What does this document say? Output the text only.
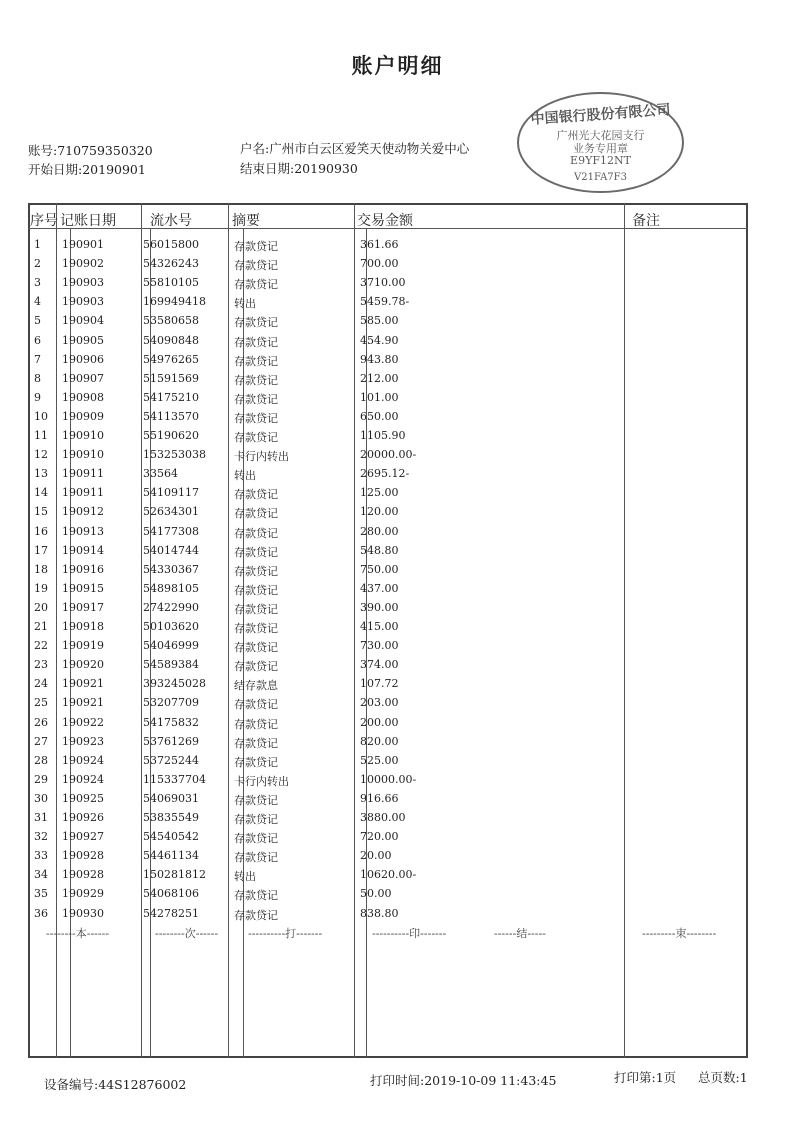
账户明细
账号:710759350320
开始日期:20190901
户名:广州市白云区爱笑天使动物关爱中心
结束日期:20190930
中国银行股份有限公司
广州光大花园支行
业务专用章
E9YF12NT
V21FA7F3
序号 记账日期 流水号	摘要	交易金额	备注
1	190901	56015800	存款贷记	361.66
2	190902	54326243	存款贷记	700.00
3	190903	55810105	存款贷记	3710.00
4	190903	169949418	转出	5459.78-
5	190904	53580658	存款贷记	585.00
6	190905	54090848	存款贷记	454.90
7	190906	54976265	存款贷记	943.80
8	190907	51591569	存款贷记	212.00
9	190908	54175210	存款贷记	101.00
10	190909	54113570	存款贷记	650.00
11	190910	55190620	存款贷记	1105.90
12	190910	153253038	卡行内转出	20000.00-
13	190911	33564	转出	2695.12-
14	190911	54109117	存款贷记	125.00
15	190912	52634301	存款贷记	120.00
16	190913	54177308	存款贷记	280.00
17	190914	54014744	存款贷记	548.80
18	190916	54330367	存款贷记	750.00
19	190915	54898105	存款贷记	437.00
20	190917	27422990	存款贷记	390.00
21	190918	50103620	存款贷记	415.00
22	190919	54046999	存款贷记	730.00
23	190920	54589384	存款贷记	374.00
24	190921	393245028	结存款息	107.72
25	190921	53207709	存款贷记	203.00
26	190922	54175832	存款贷记	200.00
27	190923	53761269	存款贷记	820.00
28	190924	53725244	存款贷记	525.00
29	190924	115337704	卡行内转出	10000.00-
30	190925	54069031	存款贷记	916.66
31	190926	53835549	存款贷记	3880.00
32	190927	54540542	存款贷记	720.00
33	190928	54461134	存款贷记	20.00
34	190928	150281812	转出	10620.00-
35	190929	54068106	存款贷记	50.00
36	190930	54278251	存款贷记	838.80
--------本------	--------次------	----------打-------	----------印-------	------结-----	---------束--------
设备编号:44S12876002	打印时间:2019-10-09 11:43:45	打印第:1页 总页数:1
